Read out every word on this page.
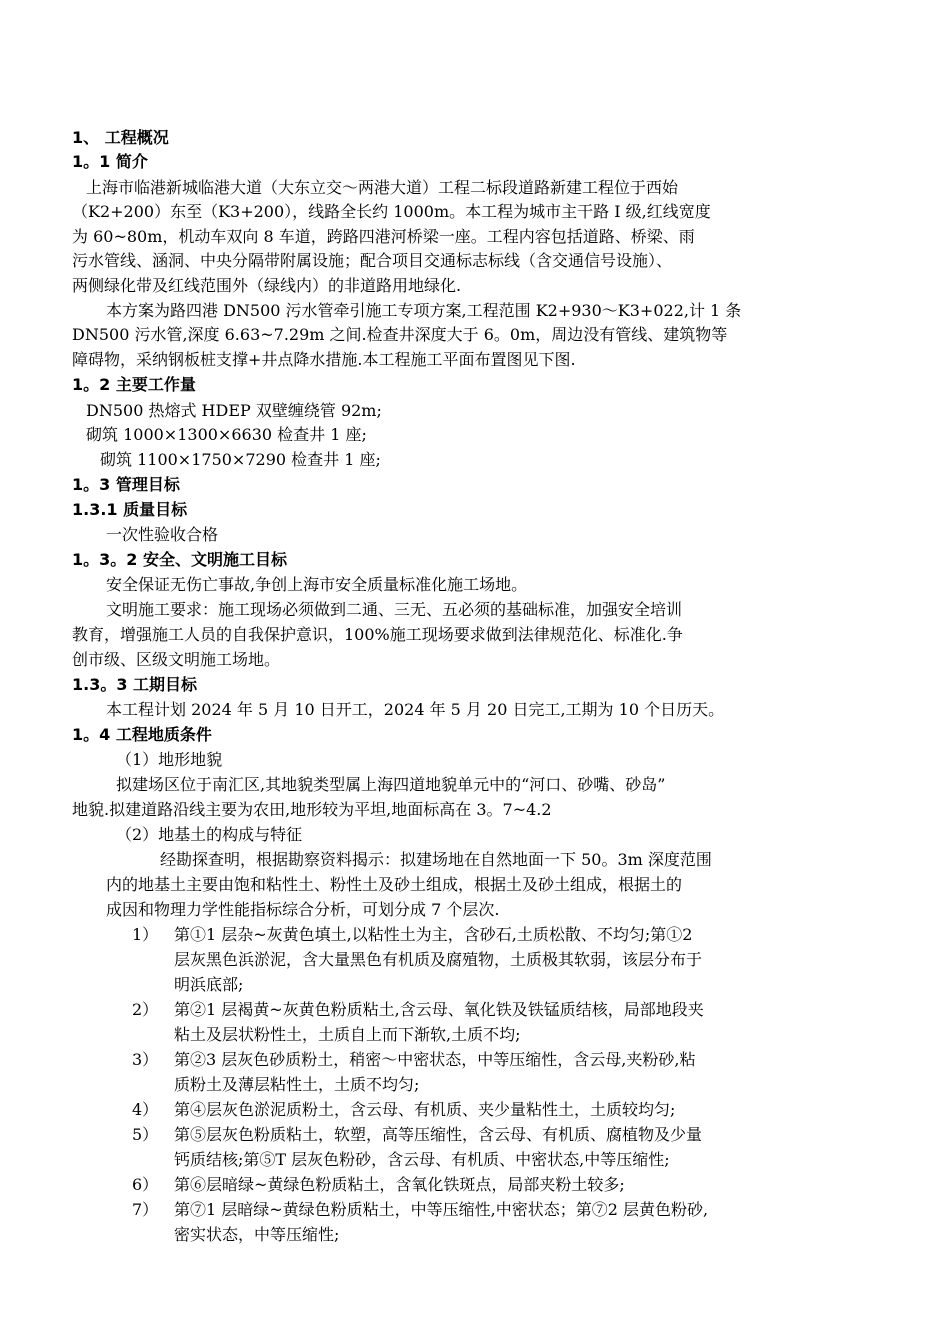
1、 工程概况
1。1 简介
上海市临港新城临港大道（大东立交～两港大道）工程二标段道路新建工程位于西始
（K2+200）东至（K3+200），线路全长约 1000m。本工程为城市主干路 I 级,红线宽度
为 60~80m，机动车双向 8 车道，跨路四港河桥梁一座。工程内容包括道路、桥梁、雨
污水管线、涵洞、中央分隔带附属设施；配合项目交通标志标线（含交通信号设施）、
两侧绿化带及红线范围外（绿线内）的非道路用地绿化.
本方案为路四港 DN500 污水管牵引施工专项方案,工程范围 K2+930～K3+022,计 1 条
DN500 污水管,深度 6.63~7.29m 之间.检查井深度大于 6。0m，周边没有管线、建筑物等
障碍物，采纳钢板桩支撑+井点降水措施.本工程施工平面布置图见下图.
1。2 主要工作量
DN500 热熔式 HDEP 双壁缠绕管 92m;
砌筑 1000×1300×6630 检查井 1 座;
砌筑 1100×1750×7290 检查井 1 座;
1。3 管理目标
1.3.1 质量目标
一次性验收合格
1。3。2 安全、文明施工目标
安全保证无伤亡事故,争创上海市安全质量标准化施工场地。
文明施工要求：施工现场必须做到二通、三无、五必须的基础标准，加强安全培训
教育，增强施工人员的自我保护意识，100%施工现场要求做到法律规范化、标准化.争
创市级、区级文明施工场地。
1.3。3 工期目标
本工程计划 2024 年 5 月 10 日开工，2024 年 5 月 20 日完工,工期为 10 个日历天。
1。4 工程地质条件
（1）地形地貌
拟建场区位于南汇区,其地貌类型属上海四道地貌单元中的“河口、砂嘴、砂岛”
地貌.拟建道路沿线主要为农田,地形较为平坦,地面标高在 3。7~4.2
（2）地基土的构成与特征
经勘探查明，根据勘察资料揭示：拟建场地在自然地面一下 50。3m 深度范围
内的地基土主要由饱和粘性土、粉性土及砂土组成，根据土及砂土组成，根据土的
成因和物理力学性能指标综合分析，可划分成 7 个层次.
1） 第①1 层杂~灰黄色填土,以粘性土为主，含砂石,土质松散、不均匀;第①2
层灰黑色浜淤泥，含大量黑色有机质及腐殖物，土质极其软弱，该层分布于
明浜底部;
2） 第②1 层褐黄~灰黄色粉质粘土,含云母、氧化铁及铁锰质结核，局部地段夹
粘土及层状粉性土，土质自上而下渐软,土质不均;
3） 第②3 层灰色砂质粉土，稍密～中密状态，中等压缩性，含云母,夹粉砂,粘
质粉土及薄层粘性土，土质不均匀;
4） 第④层灰色淤泥质粉土，含云母、有机质、夹少量粘性土，土质较均匀;
5） 第⑤层灰色粉质粘土，软塑，高等压缩性，含云母、有机质、腐植物及少量
钙质结核;第⑤T 层灰色粉砂，含云母、有机质、中密状态,中等压缩性;
6） 第⑥层暗绿~黄绿色粉质粘土，含氧化铁斑点，局部夹粉土较多;
7） 第⑦1 层暗绿~黄绿色粉质粘土，中等压缩性,中密状态；第⑦2 层黄色粉砂,
密实状态，中等压缩性;
